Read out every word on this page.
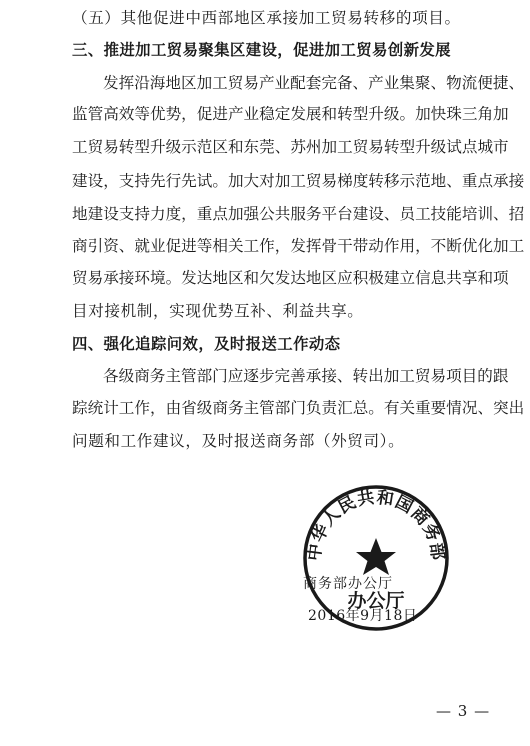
（五）其他促进中西部地区承接加工贸易转移的项目。
三、推进加工贸易聚集区建设，促进加工贸易创新发展
发挥沿海地区加工贸易产业配套完备、产业集聚、物流便捷、
监管高效等优势，促进产业稳定发展和转型升级。加快珠三角加
工贸易转型升级示范区和东莞、苏州加工贸易转型升级试点城市
建设，支持先行先试。加大对加工贸易梯度转移示范地、重点承接
地建设支持力度，重点加强公共服务平台建设、员工技能培训、招
商引资、就业促进等相关工作，发挥骨干带动作用，不断优化加工
贸易承接环境。发达地区和欠发达地区应积极建立信息共享和项
目对接机制，实现优势互补、利益共享。
四、强化追踪问效，及时报送工作动态
各级商务主管部门应逐步完善承接、转出加工贸易项目的跟
踪统计工作，由省级商务主管部门负责汇总。有关重要情况、突出
问题和工作建议，及时报送商务部（外贸司）。
中华人民共和国商务部
办公厅
商务部办公厅
2016年9月18日
— 3 —
